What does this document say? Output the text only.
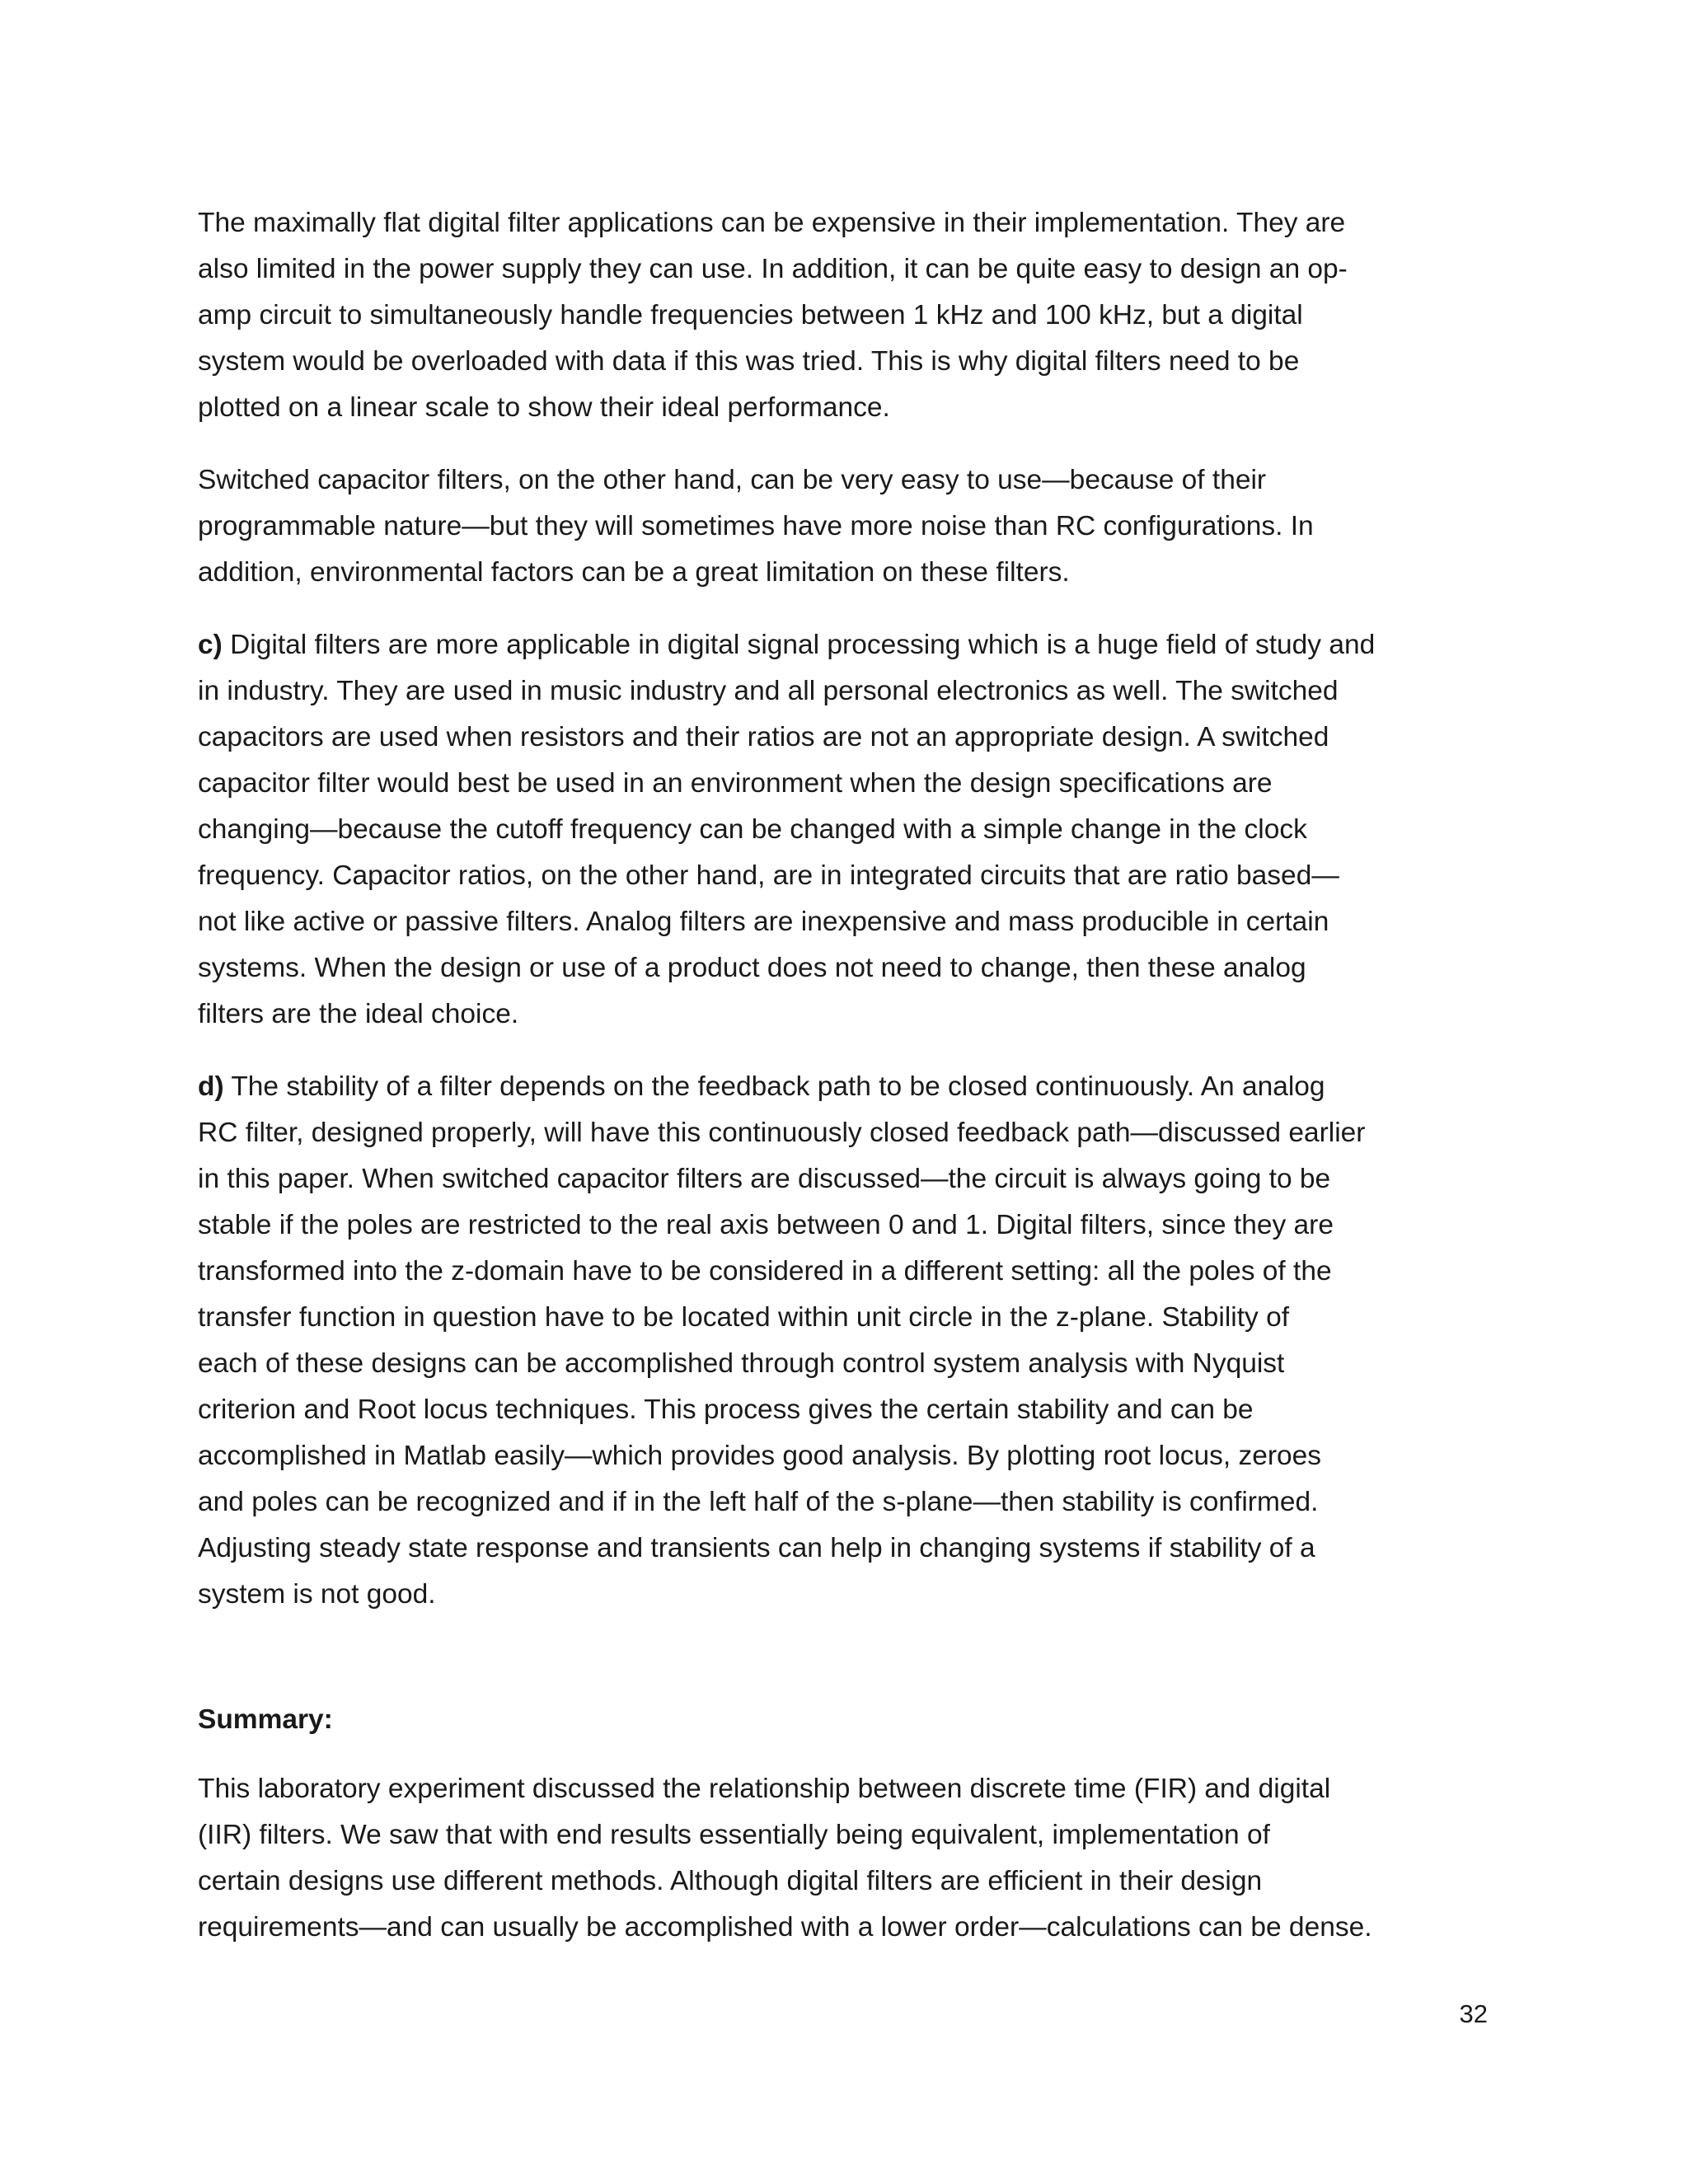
The maximally flat digital filter applications can be expensive in their implementation. They are
also limited in the power supply they can use. In addition, it can be quite easy to design an op-
amp circuit to simultaneously handle frequencies between 1 kHz and 100 kHz, but a digital
system would be overloaded with data if this was tried. This is why digital filters need to be
plotted on a linear scale to show their ideal performance.

Switched capacitor filters, on the other hand, can be very easy to use—because of their
programmable nature—but they will sometimes have more noise than RC configurations. In
addition, environmental factors can be a great limitation on these filters.

c) Digital filters are more applicable in digital signal processing which is a huge field of study and
in industry. They are used in music industry and all personal electronics as well. The switched
capacitors are used when resistors and their ratios are not an appropriate design. A switched
capacitor filter would best be used in an environment when the design specifications are
changing—because the cutoff frequency can be changed with a simple change in the clock
frequency. Capacitor ratios, on the other hand, are in integrated circuits that are ratio based—
not like active or passive filters. Analog filters are inexpensive and mass producible in certain
systems. When the design or use of a product does not need to change, then these analog
filters are the ideal choice.

d) The stability of a filter depends on the feedback path to be closed continuously. An analog
RC filter, designed properly, will have this continuously closed feedback path—discussed earlier
in this paper. When switched capacitor filters are discussed—the circuit is always going to be
stable if the poles are restricted to the real axis between 0 and 1. Digital filters, since they are
transformed into the z-domain have to be considered in a different setting: all the poles of the
transfer function in question have to be located within unit circle in the z-plane. Stability of
each of these designs can be accomplished through control system analysis with Nyquist
criterion and Root locus techniques. This process gives the certain stability and can be
accomplished in Matlab easily—which provides good analysis. By plotting root locus, zeroes
and poles can be recognized and if in the left half of the s-plane—then stability is confirmed.
Adjusting steady state response and transients can help in changing systems if stability of a
system is not good.

Summary:

This laboratory experiment discussed the relationship between discrete time (FIR) and digital
(IIR) filters. We saw that with end results essentially being equivalent, implementation of
certain designs use different methods. Although digital filters are efficient in their design
requirements—and can usually be accomplished with a lower order—calculations can be dense.

32
